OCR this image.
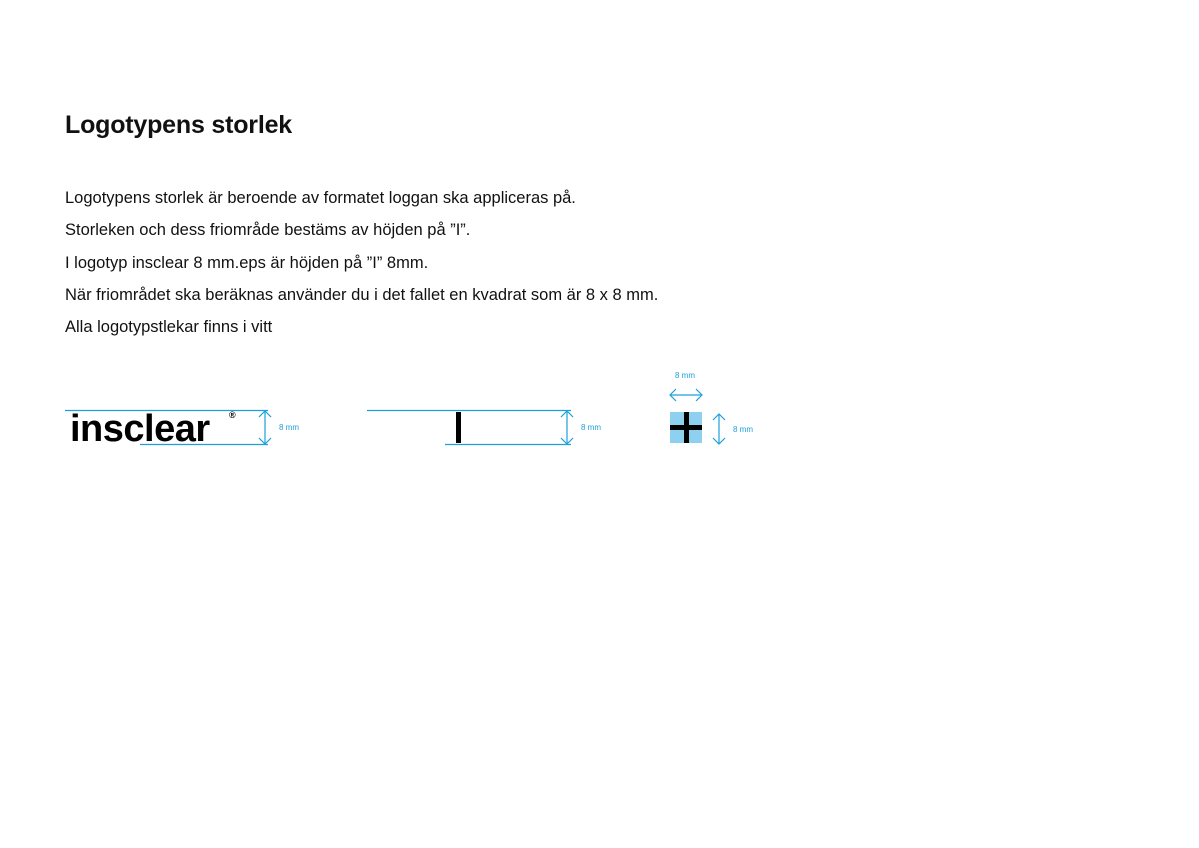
Logotypens storlek
Logotypens storlek är beroende av formatet loggan ska appliceras på.
Storleken och dess friområde bestäms av höjden på ”I”.
I logotyp insclear 8 mm.eps är höjden på ”I” 8mm.
När friområdet ska beräknas använder du i det fallet en kvadrat som är 8 x 8 mm.
Alla logotypstlekar finns i vitt
insclear	®
8 mm	8 mm
8 mm
8 mm
